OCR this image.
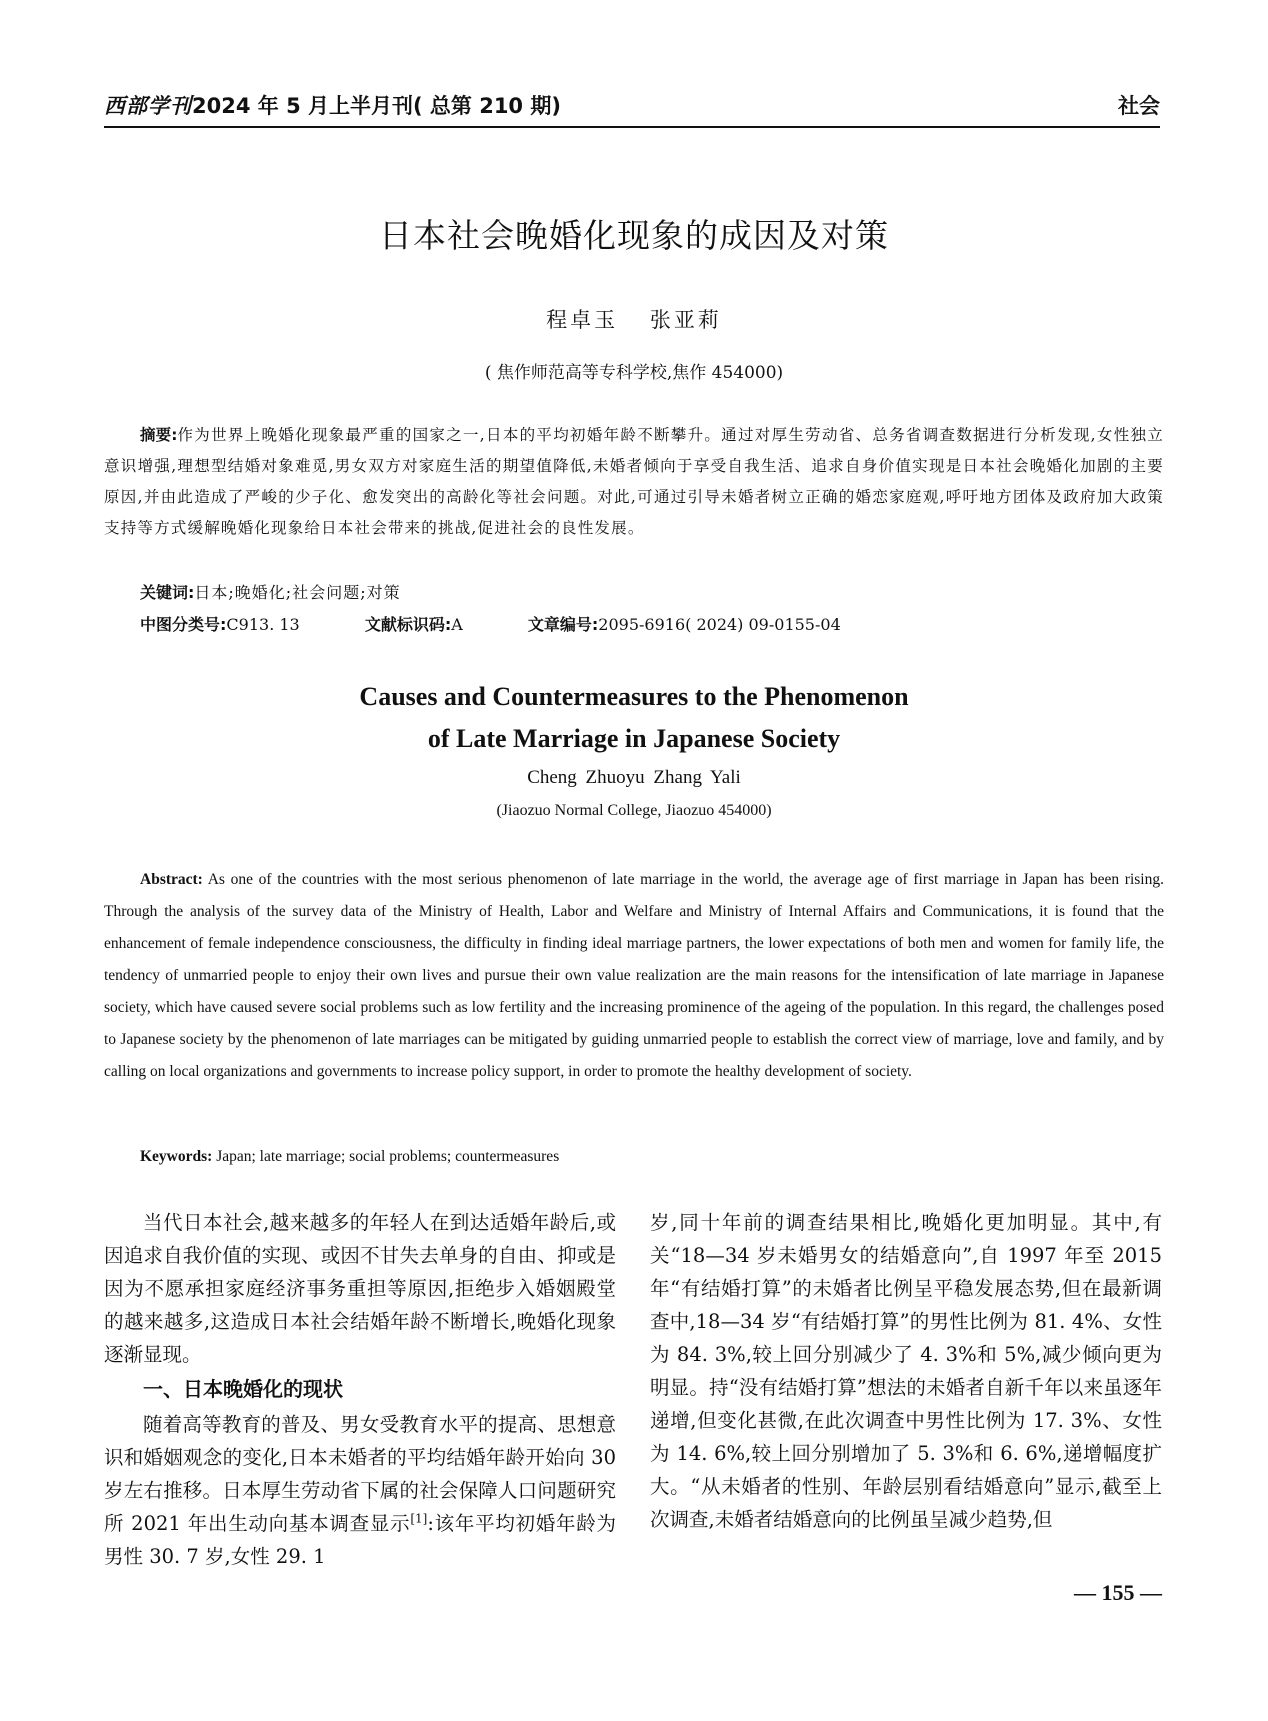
西部学刊 2024 年 5 月上半月刊( 总第 210 期)	社会
日本社会晚婚化现象的成因及对策
程卓玉 张亚莉
( 焦作师范高等专科学校,焦作 454000)
摘要:作为世界上晚婚化现象最严重的国家之一,日本的平均初婚年龄不断攀升。通过对厚生劳动省、总务省调查数据进行分析发现,女性独立意识增强,理想型结婚对象难觅,男女双方对家庭生活的期望值降低,未婚者倾向于享受自我生活、追求自身价值实现是日本社会晚婚化加剧的主要原因,并由此造成了严峻的少子化、愈发突出的高龄化等社会问题。对此,可通过引导未婚者树立正确的婚恋家庭观,呼吁地方团体及政府加大政策支持等方式缓解晚婚化现象给日本社会带来的挑战,促进社会的良性发展。
关键词:日本;晚婚化;社会问题;对策
中图分类号:C913. 13	文献标识码:A	文章编号:2095-6916( 2024) 09-0155-04
Causes and Countermeasures to the Phenomenon
of Late Marriage in Japanese Society
Cheng Zhuoyu Zhang Yali
(Jiaozuo Normal College, Jiaozuo 454000)
Abstract: As one of the countries with the most serious phenomenon of late marriage in the world, the average age of first marriage in Japan has been rising. Through the analysis of the survey data of the Ministry of Health, Labor and Welfare and Ministry of Internal Affairs and Communications, it is found that the enhancement of female independence consciousness, the difficulty in finding ideal marriage partners, the lower expectations of both men and women for family life, the tendency of unmarried people to enjoy their own lives and pursue their own value realization are the main reasons for the intensification of late marriage in Japanese society, which have caused severe social problems such as low fertility and the increasing prominence of the ageing of the population. In this regard, the challenges posed to Japanese society by the phenomenon of late marriages can be mitigated by guiding unmarried people to establish the correct view of marriage, love and family, and by calling on local organizations and governments to increase policy support, in order to promote the healthy development of society.
Keywords: Japan; late marriage; social problems; countermeasures

当代日本社会,越来越多的年轻人在到达适婚年龄后,或因追求自我价值的实现、或因不甘失去单身的自由、抑或是因为不愿承担家庭经济事务重担等原因,拒绝步入婚姻殿堂的越来越多,这造成日本社会结婚年龄不断增长,晚婚化现象逐渐显现。

一、日本晚婚化的现状

随着高等教育的普及、男女受教育水平的提高、思想意识和婚姻观念的变化,日本未婚者的平均结婚年龄开始向 30 岁左右推移。日本厚生劳动省下属的社会保障人口问题研究所 2021 年出生动向基本调查显示[1]:该年平均初婚年龄为男性 30. 7 岁,女性 29. 1

岁,同十年前的调查结果相比,晚婚化更加明显。其中,有关“18—34 岁未婚男女的结婚意向”,自 1997 年至 2015 年“有结婚打算”的未婚者比例呈平稳发展态势,但在最新调查中,18—34 岁“有结婚打算”的男性比例为 81. 4%、女性为 84. 3%,较上回分别减少了 4. 3%和 5%,减少倾向更为明显。持“没有结婚打算”想法的未婚者自新千年以来虽逐年递增,但变化甚微,在此次调查中男性比例为 17. 3%、女性为 14. 6%,较上回分别增加了 5. 3%和 6. 6%,递增幅度扩大。“从未婚者的性别、年龄层别看结婚意向”显示,截至上次调查,未婚者结婚意向的比例虽呈减少趋势,但

— 155 —
